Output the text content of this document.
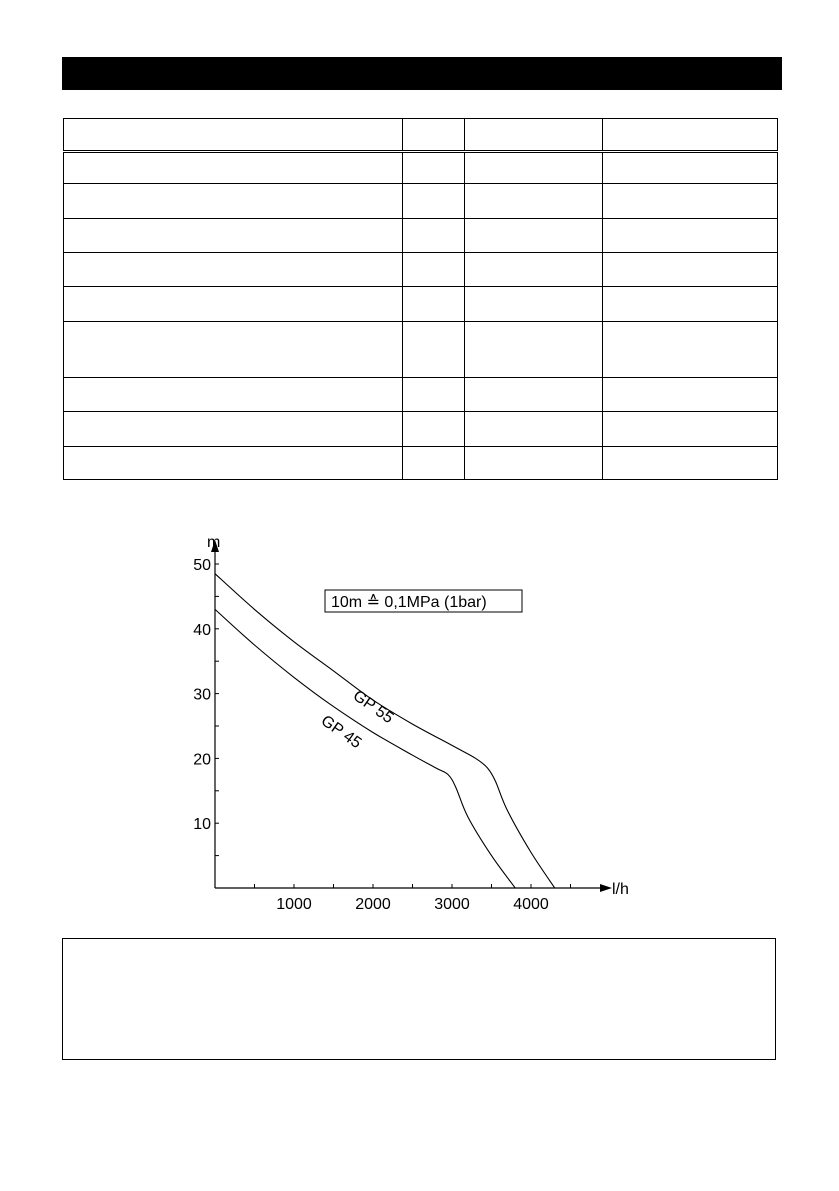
1000	2000	3000	4000
10
20
30
40
50
GP 55
GP 45
l/h
m
10m ≙ 0,1MPa (1bar)
